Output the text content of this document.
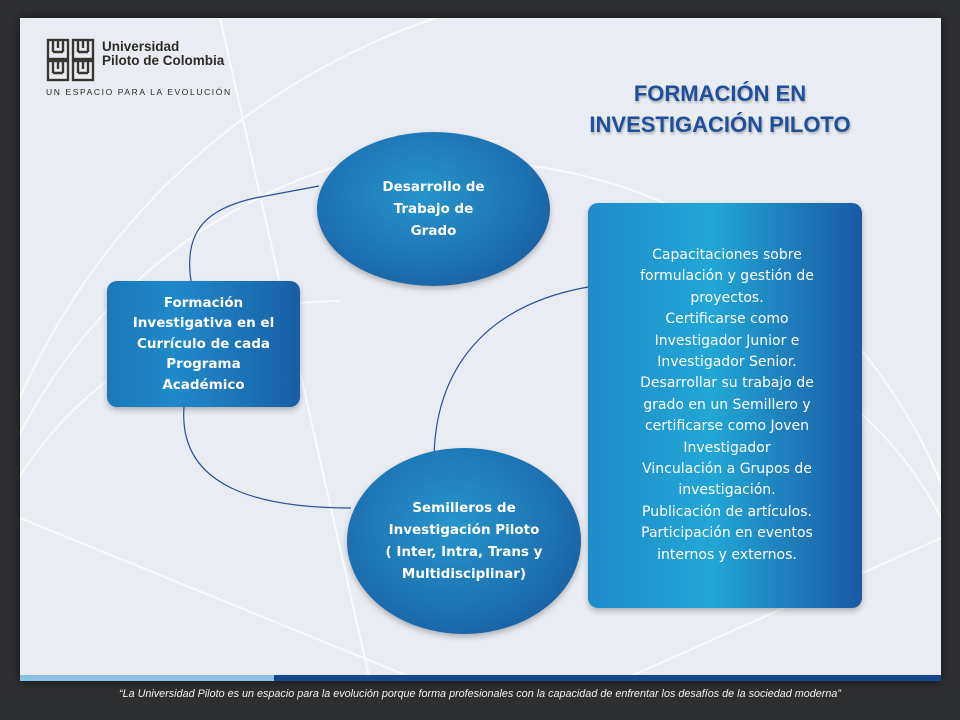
Universidad
Piloto de Colombia
UN ESPACIO PARA LA EVOLUCIÓN	FORMACIÓN EN
INVESTIGACIÓN PILOTO
Desarrollo de
Trabajo de
Grado
Formación
Investigativa en el
Currículo de cada
Programa
Académico
Semilleros de
Investigación Piloto
( Inter, Intra, Trans y
Multidisciplinar)
Capacitaciones sobre
formulación y gestión de
proyectos.
Certificarse como
Investigador Junior e
Investigador Senior.
Desarrollar su trabajo de
grado en un Semillero y
certificarse como Joven
Investigador
Vinculación a Grupos de
investigación.
Publicación de artículos.
Participación en eventos
internos y externos.
“La Universidad Piloto es un espacio para la evolución porque forma profesionales con la capacidad de enfrentar los desafíos de la sociedad moderna”
